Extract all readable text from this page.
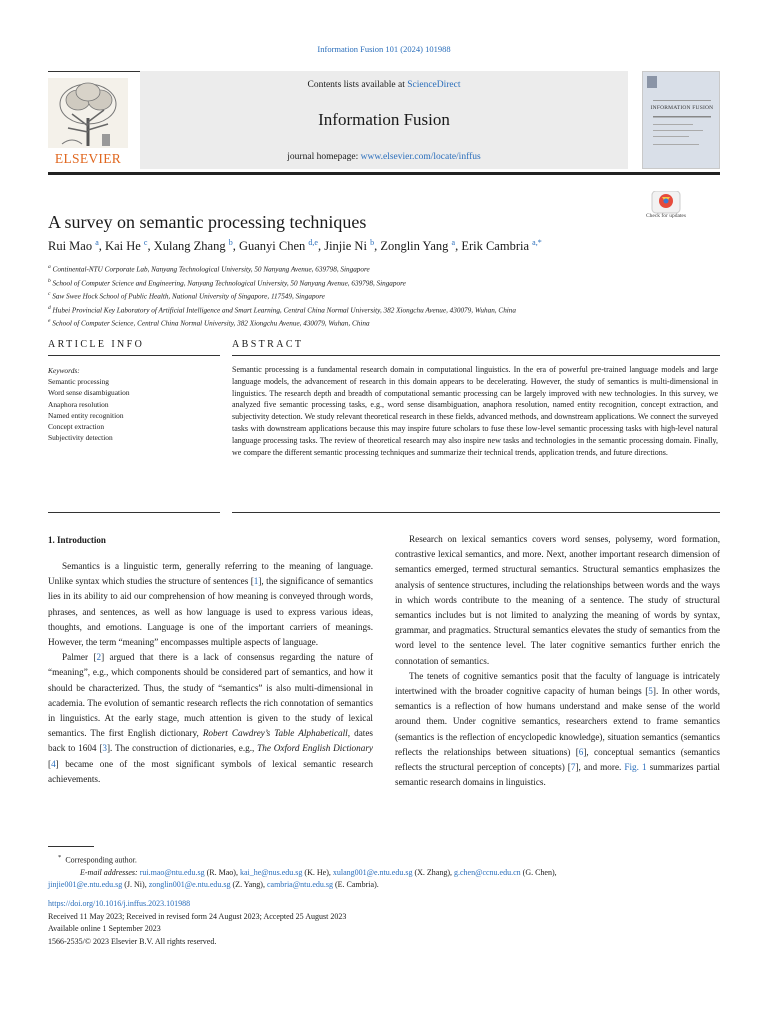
Information Fusion 101 (2024) 101988
ELSEVIER
Contents lists available at ScienceDirect
Information Fusion
journal homepage: www.elsevier.com/locate/inffus
INFORMATION FUSION
Check for updates
A survey on semantic processing techniques
Rui Mao $^a$, Kai He $^c$, Xulang Zhang $^b$, Guanyi Chen $^{d,e}$, Jinjie Ni $^b$, Zonglin Yang $^a$, Erik Cambria $^{a,*}$
$^a$ Continental-NTU Corporate Lab, Nanyang Technological University, 50 Nanyang Avenue, 639798, Singapore
$^b$ School of Computer Science and Engineering, Nanyang Technological University, 50 Nanyang Avenue, 639798, Singapore
$^c$ Saw Swee Hock School of Public Health, National University of Singapore, 117549, Singapore
$^d$ Hubei Provincial Key Laboratory of Artificial Intelligence and Smart Learning, Central China Normal University, 382 Xiongchu Avenue, 430079, Wuhan, China
$^e$ School of Computer Science, Central China Normal University, 382 Xiongchu Avenue, 430079, Wuhan, China
ARTICLE INFO	ABSTRACT
Keywords:
Semantic processing
Word sense disambiguation
Anaphora resolution
Named entity recognition
Concept extraction
Subjectivity detection
Semantic processing is a fundamental research domain in computational linguistics. In the era of powerful pre-trained language models and large language models, the advancement of research in this domain appears to be decelerating. However, the study of semantics is multi-dimensional in linguistics. The research depth and breadth of computational semantic processing can be largely improved with new technologies. In this survey, we analyzed five semantic processing tasks, e.g., word sense disambiguation, anaphora resolution, named entity recognition, concept extraction, and subjectivity detection. We study relevant theoretical research in these fields, advanced methods, and downstream applications. We connect the surveyed tasks with downstream applications because this may inspire future scholars to fuse these low-level semantic processing tasks with high-level natural language processing tasks. The review of theoretical research may also inspire new tasks and technologies in the semantic processing domain. Finally, we compare the different semantic processing techniques and summarize their technical trends, application trends, and future directions.
1. Introduction

Semantics is a linguistic term, generally referring to the meaning of language. Unlike syntax which studies the structure of sentences [1], the significance of semantics lies in its ability to aid our comprehension of how meaning is conveyed through words, phrases, and sentences, as well as how language is used to express various ideas, thoughts, and emotions. Language is one of the important carriers of meanings. However, the term “meaning” encompasses multiple aspects of language.

Palmer [2] argued that there is a lack of consensus regarding the nature of “meaning”, e.g., which components should be considered part of semantics, and how it should be characterized. Thus, the study of “semantics” is also multi-dimensional in academia. The evolution of semantic research reflects the rich connotation of semantics in linguistics. At the early stage, much attention is given to the study of lexical semantics. The first English dictionary, Robert Cawdrey’s Table Alphabeticall, dates back to 1604 [3]. The construction of dictionaries, e.g., The Oxford English Dictionary [4] became one of the most significant symbols of lexical semantic research achievements.

Research on lexical semantics covers word senses, polysemy, word formation, contrastive lexical semantics, and more. Next, another important research dimension of semantics emerged, termed structural semantics. Structural semantics emphasizes the analysis of sentence structures, including the relationships between words and the ways in which words contribute to the meaning of a sentence. The study of structural semantics includes but is not limited to analyzing the meaning of words by syntax, grammar, and pragmatics. Structural semantics elevates the study of semantics from the word level to the sentence level. The later cognitive semantics further enrich the connotation of semantics.

The tenets of cognitive semantics posit that the faculty of language is intricately intertwined with the broader cognitive capacity of human beings [5]. In other words, semantics is a reflection of how humans understand and make sense of the world around them. Under cognitive semantics, researchers extend to frame semantics (semantics is the reflection of encyclopedic knowledge), situation semantics (semantics reflects the relationships between situations) [6], conceptual semantics (semantics reflects the structural perception of concepts) [7], and more. Fig. 1 summarizes partial semantic research domains in linguistics.

* Corresponding author.
E-mail addresses: rui.mao@ntu.edu.sg (R. Mao), kai_he@nus.edu.sg (K. He), xulang001@e.ntu.edu.sg (X. Zhang), g.chen@ccnu.edu.cn (G. Chen),
jinjie001@e.ntu.edu.sg (J. Ni), zonglin001@e.ntu.edu.sg (Z. Yang), cambria@ntu.edu.sg (E. Cambria).
https://doi.org/10.1016/j.inffus.2023.101988
Received 11 May 2023; Received in revised form 24 August 2023; Accepted 25 August 2023
Available online 1 September 2023
1566-2535/© 2023 Elsevier B.V. All rights reserved.
